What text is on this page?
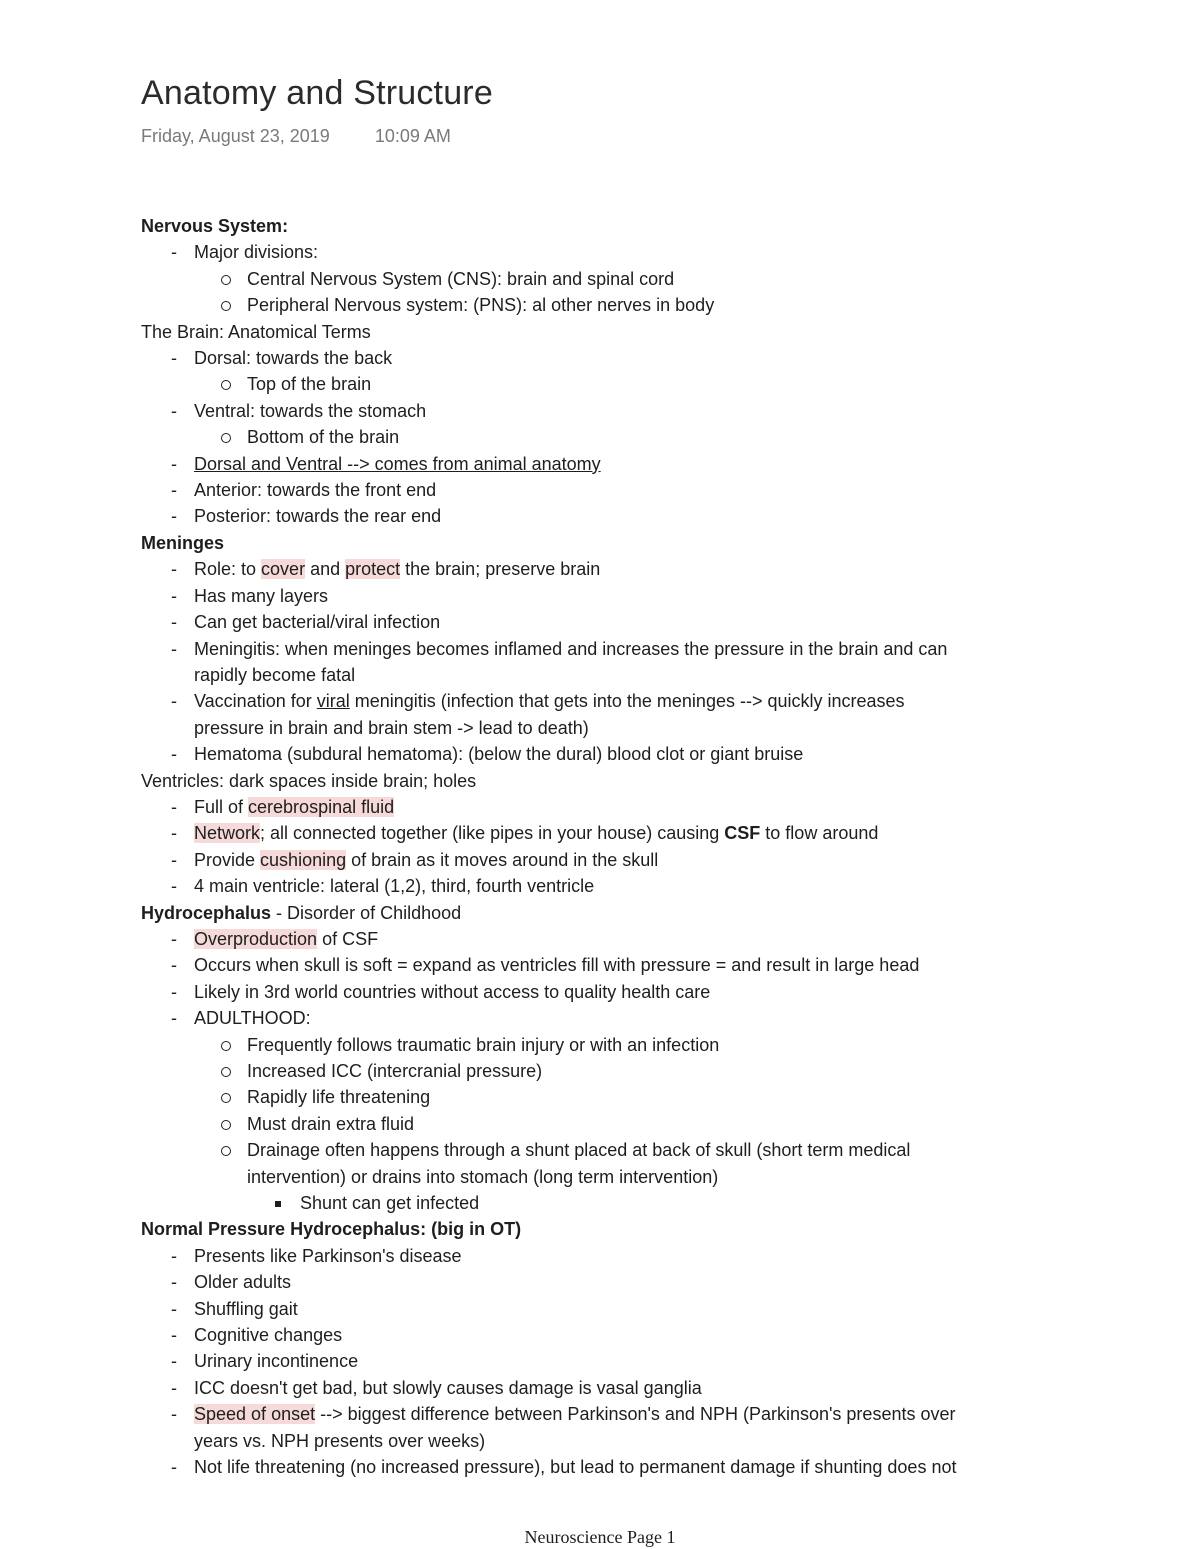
Anatomy and Structure
Friday, August 23, 2019	10:09 AM
Nervous System:
-
Major divisions:
Central Nervous System (CNS): brain and spinal cord
Peripheral Nervous system: (PNS): al other nerves in body
The Brain: Anatomical Terms
-
Dorsal: towards the back
Top of the brain
-
Ventral: towards the stomach
Bottom of the brain
-
Dorsal and Ventral --> comes from animal anatomy
-
Anterior: towards the front end
-
Posterior: towards the rear end
Meninges
-
Role: to cover and protect the brain; preserve brain
-
Has many layers
-
Can get bacterial/viral infection
-
Meningitis: when meninges becomes inflamed and increases the pressure in the brain and can
rapidly become fatal
-
Vaccination for viral meningitis (infection that gets into the meninges --> quickly increases
pressure in brain and brain stem -> lead to death)
-
Hematoma (subdural hematoma): (below the dural) blood clot or giant bruise
Ventricles: dark spaces inside brain; holes
-
Full of cerebrospinal fluid
-
Network; all connected together (like pipes in your house) causing CSF to flow around
-
Provide cushioning of brain as it moves around in the skull
-
4 main ventricle: lateral (1,2), third, fourth ventricle
Hydrocephalus - Disorder of Childhood
-
Overproduction of CSF
-
Occurs when skull is soft = expand as ventricles fill with pressure = and result in large head
-
Likely in 3rd world countries without access to quality health care
-
ADULTHOOD:
Frequently follows traumatic brain injury or with an infection
Increased ICC (intercranial pressure)
Rapidly life threatening
Must drain extra fluid
Drainage often happens through a shunt placed at back of skull (short term medical
intervention) or drains into stomach (long term intervention)
Shunt can get infected
Normal Pressure Hydrocephalus: (big in OT)
-
Presents like Parkinson's disease
-
Older adults
-
Shuffling gait
-
Cognitive changes
-
Urinary incontinence
-
ICC doesn't get bad, but slowly causes damage is vasal ganglia
-
Speed of onset --> biggest difference between Parkinson's and NPH (Parkinson's presents over
years vs. NPH presents over weeks)
-
Not life threatening (no increased pressure), but lead to permanent damage if shunting does not
Neuroscience Page 1
